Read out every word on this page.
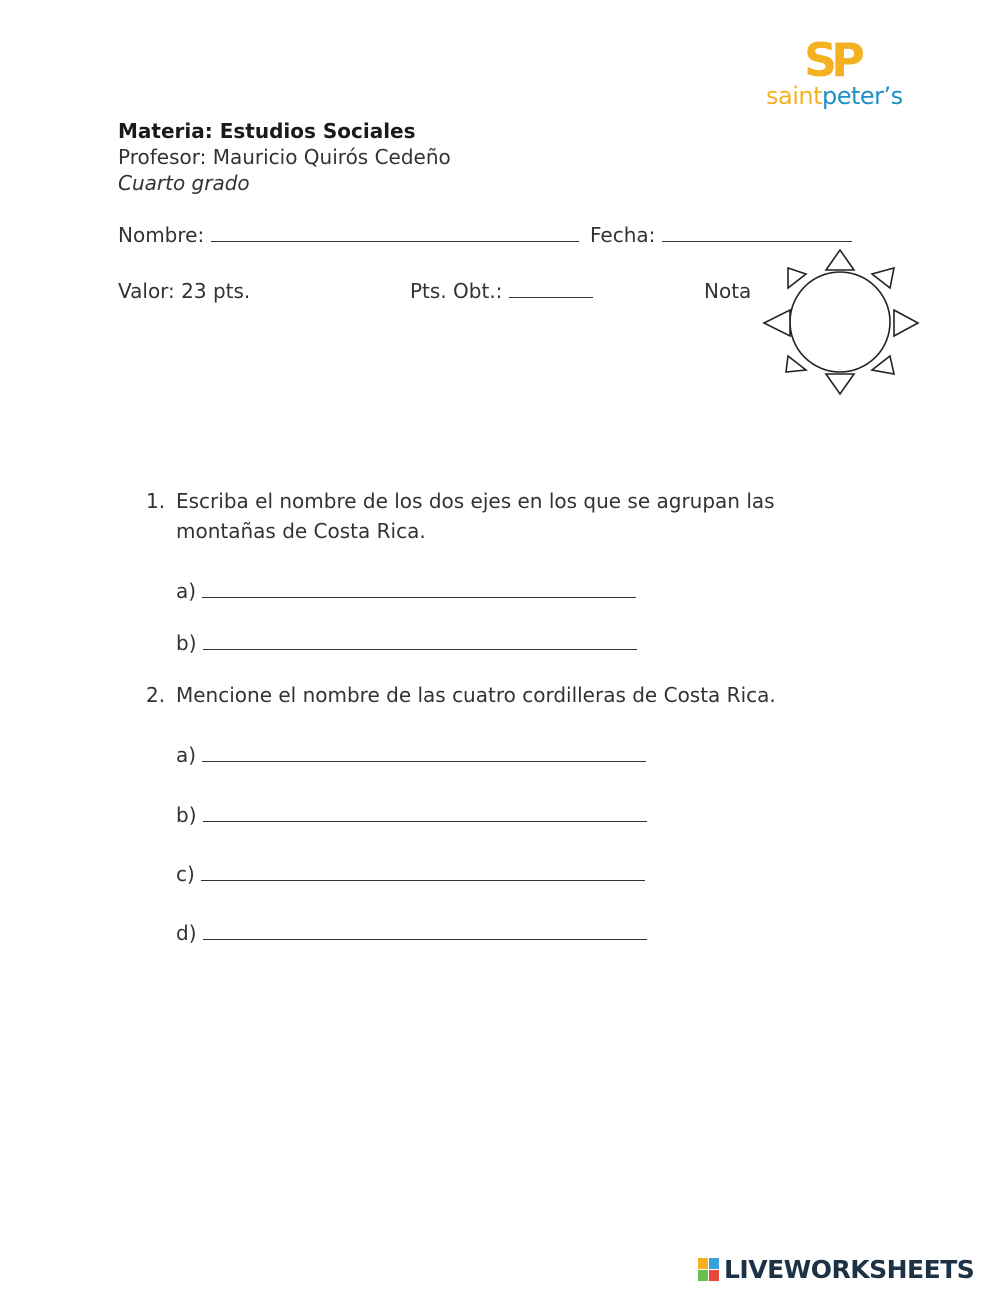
SP
saintpeter’s
Materia: Estudios Sociales
Profesor: Mauricio Quirós Cedeño
Cuarto grado
Nombre:	Fecha:
Valor: 23 pts.	Pts. Obt.:	Nota
1. Escriba el nombre de los dos ejes en los que se agrupan las montañas de Costa Rica.
a)
b)
2. Mencione el nombre de las cuatro cordilleras de Costa Rica.
a)
b)
c)
d)
LIVEWORKSHEETS
